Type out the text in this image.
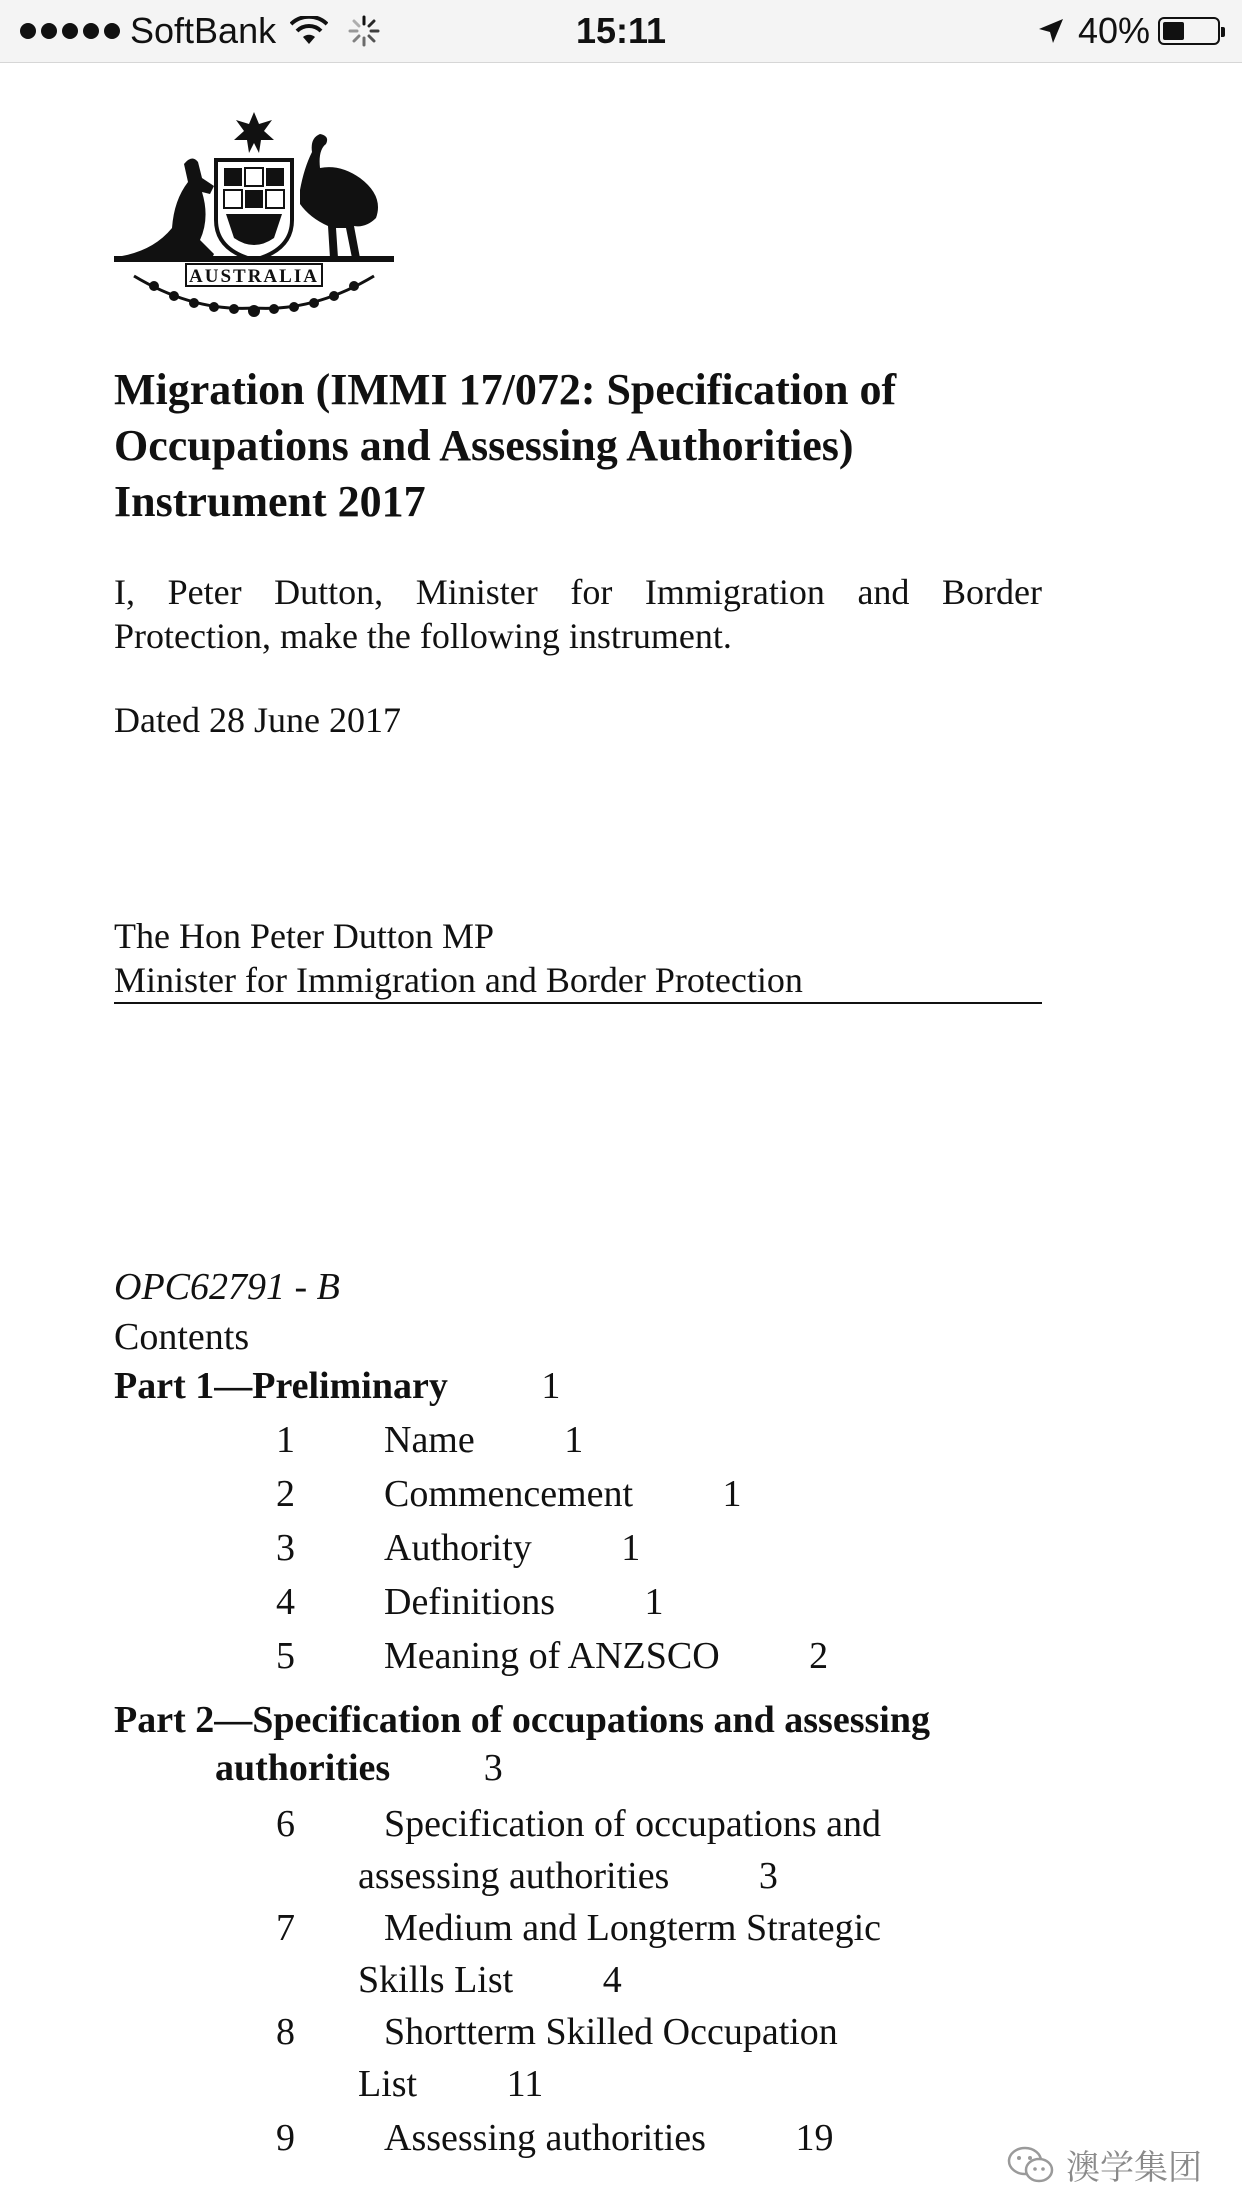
SoftBank	15:11	40%
AUSTRALIA
Migration (IMMI 17/072: Specification of Occupations and Assessing Authorities) Instrument 2017

I, Peter Dutton, Minister for Immigration and Border Protection, make the following instrument.

Dated 28 June 2017

The Hon Peter Dutton MP
Minister for Immigration and Border Protection
OPC62791 - B
Contents
Part 1—Preliminary 1
1 Name 1
2 Commencement 1
3 Authority 1
4 Definitions 1
5 Meaning of ANZSCO 2
Part 2—Specification of occupations and assessing
authorities 3
6 Specification of occupations and
assessing authorities 3
7 Medium and Longterm Strategic
Skills List 4
8 Shortterm Skilled Occupation
List 11
9 Assessing authorities 19
澳学集团
